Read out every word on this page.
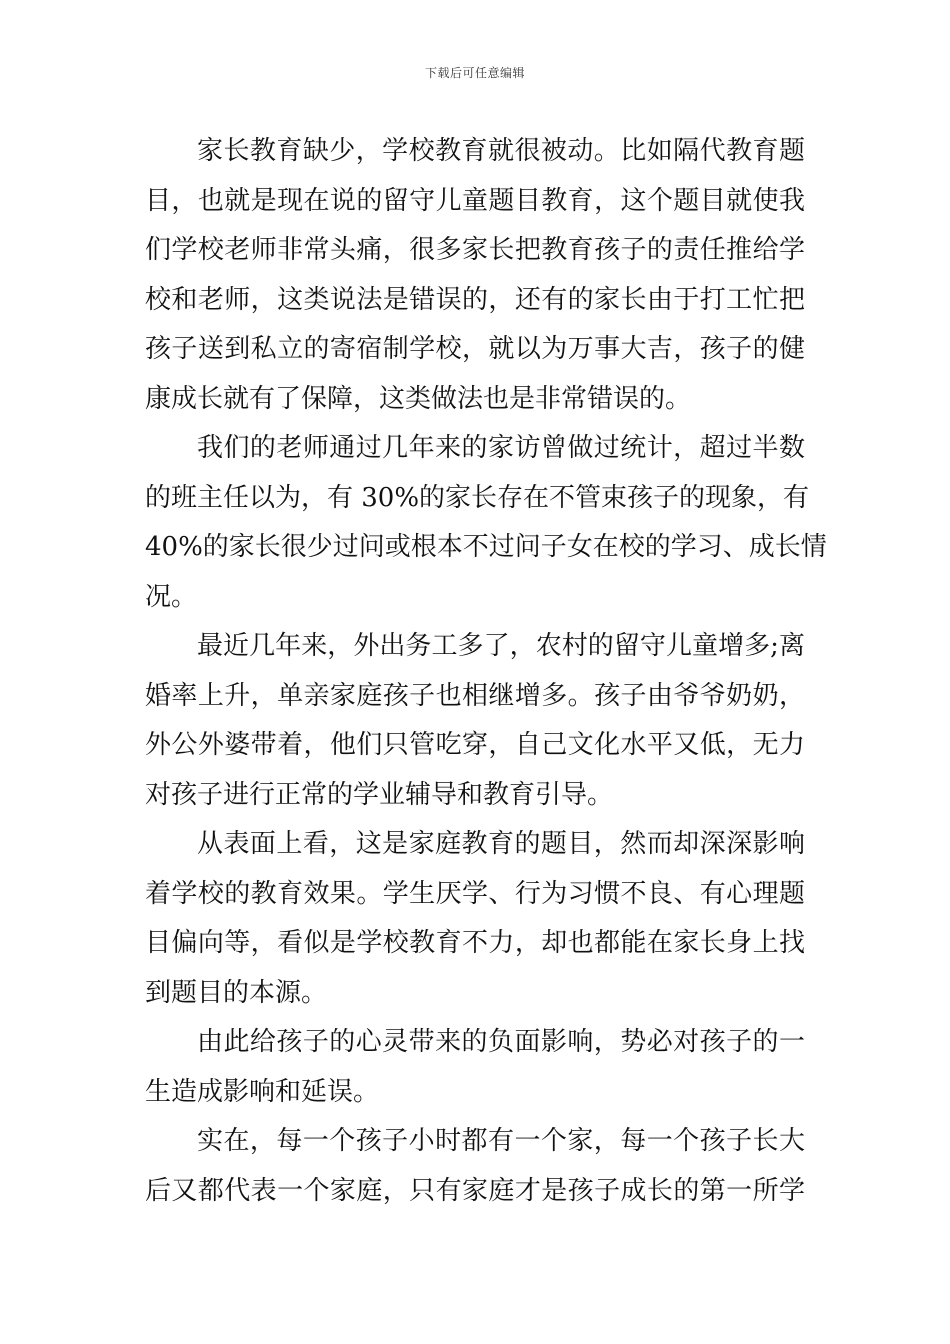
下载后可任意编辑
家长教育缺少，学校教育就很被动。比如隔代教育题
目，也就是现在说的留守儿童题目教育，这个题目就使我
们学校老师非常头痛，很多家长把教育孩子的责任推给学
校和老师，这类说法是错误的，还有的家长由于打工忙把
孩子送到私立的寄宿制学校，就以为万事大吉，孩子的健
康成长就有了保障，这类做法也是非常错误的。
我们的老师通过几年来的家访曾做过统计，超过半数
的班主任以为，有 30%的家长存在不管束孩子的现象，有
40%的家长很少过问或根本不过问子女在校的学习、成长情
况。
最近几年来，外出务工多了，农村的留守儿童增多;离
婚率上升，单亲家庭孩子也相继增多。孩子由爷爷奶奶，
外公外婆带着，他们只管吃穿，自己文化水平又低，无力
对孩子进行正常的学业辅导和教育引导。
从表面上看，这是家庭教育的题目，然而却深深影响
着学校的教育效果。学生厌学、行为习惯不良、有心理题
目偏向等，看似是学校教育不力，却也都能在家长身上找
到题目的本源。
由此给孩子的心灵带来的负面影响，势必对孩子的一
生造成影响和延误。
实在，每一个孩子小时都有一个家，每一个孩子长大
后又都代表一个家庭，只有家庭才是孩子成长的第一所学
